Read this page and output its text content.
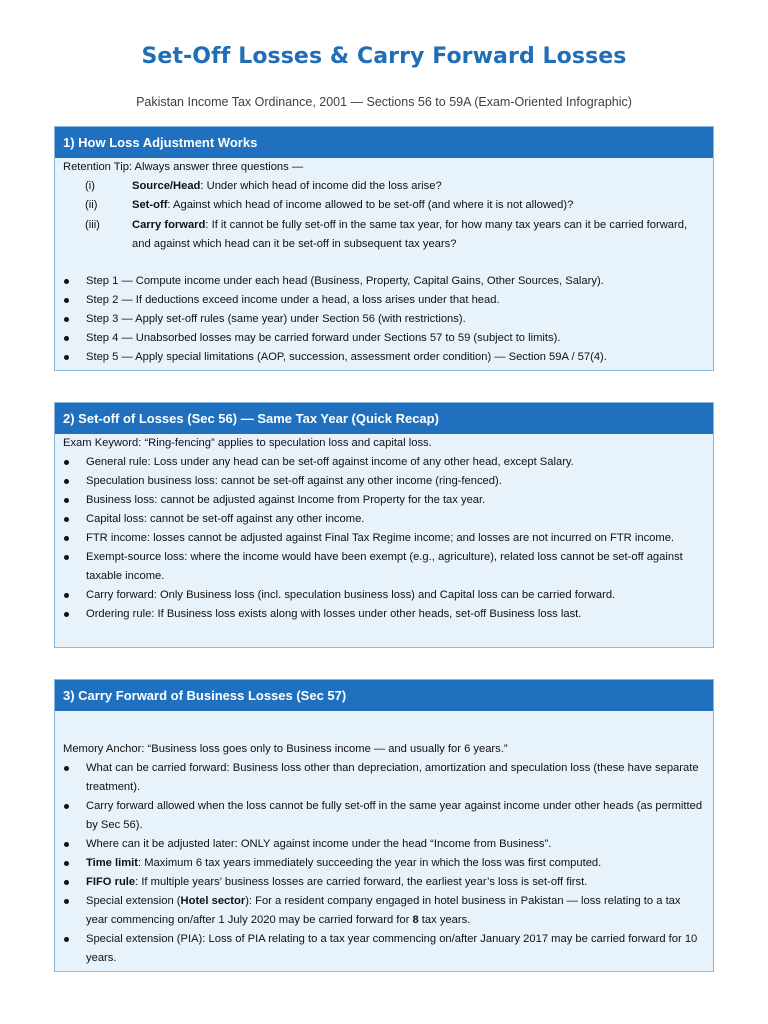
Set-Off Losses & Carry Forward Losses
Pakistan Income Tax Ordinance, 2001 — Sections 56 to 59A (Exam-Oriented Infographic)
1) How Loss Adjustment Works
Retention Tip: Always answer three questions —
(i)	Source/Head: Under which head of income did the loss arise?
(ii)	Set-off: Against which head of income allowed to be set-off (and where it is not allowed)?
(iii)	Carry forward: If it cannot be fully set-off in the same tax year, for how many tax years can it be carried forward, and against which head can it be set-off in subsequent tax years?
Step 1 — Compute income under each head (Business, Property, Capital Gains, Other Sources, Salary).
Step 2 — If deductions exceed income under a head, a loss arises under that head.
Step 3 — Apply set-off rules (same year) under Section 56 (with restrictions).
Step 4 — Unabsorbed losses may be carried forward under Sections 57 to 59 (subject to limits).
Step 5 — Apply special limitations (AOP, succession, assessment order condition) — Section 59A / 57(4).
2) Set-off of Losses (Sec 56) — Same Tax Year (Quick Recap)
Exam Keyword: “Ring-fencing” applies to speculation loss and capital loss.
General rule: Loss under any head can be set-off against income of any other head, except Salary.
Speculation business loss: cannot be set-off against any other income (ring-fenced).
Business loss: cannot be adjusted against Income from Property for the tax year.
Capital loss: cannot be set-off against any other income.
FTR income: losses cannot be adjusted against Final Tax Regime income; and losses are not incurred on FTR income.
Exempt-source loss: where the income would have been exempt (e.g., agriculture), related loss cannot be set-off against taxable income.
Carry forward: Only Business loss (incl. speculation business loss) and Capital loss can be carried forward.
Ordering rule: If Business loss exists along with losses under other heads, set-off Business loss last.
3) Carry Forward of Business Losses (Sec 57)
Memory Anchor: “Business loss goes only to Business income — and usually for 6 years.”
What can be carried forward: Business loss other than depreciation, amortization and speculation loss (these have separate treatment).
Carry forward allowed when the loss cannot be fully set-off in the same year against income under other heads (as permitted by Sec 56).
Where can it be adjusted later: ONLY against income under the head “Income from Business”.
Time limit: Maximum 6 tax years immediately succeeding the year in which the loss was first computed.
FIFO rule: If multiple years’ business losses are carried forward, the earliest year’s loss is set-off first.
Special extension (Hotel sector): For a resident company engaged in hotel business in Pakistan — loss relating to a tax year commencing on/after 1 July 2020 may be carried forward for 8 tax years.
Special extension (PIA): Loss of PIA relating to a tax year commencing on/after January 2017 may be carried forward for 10 years.
